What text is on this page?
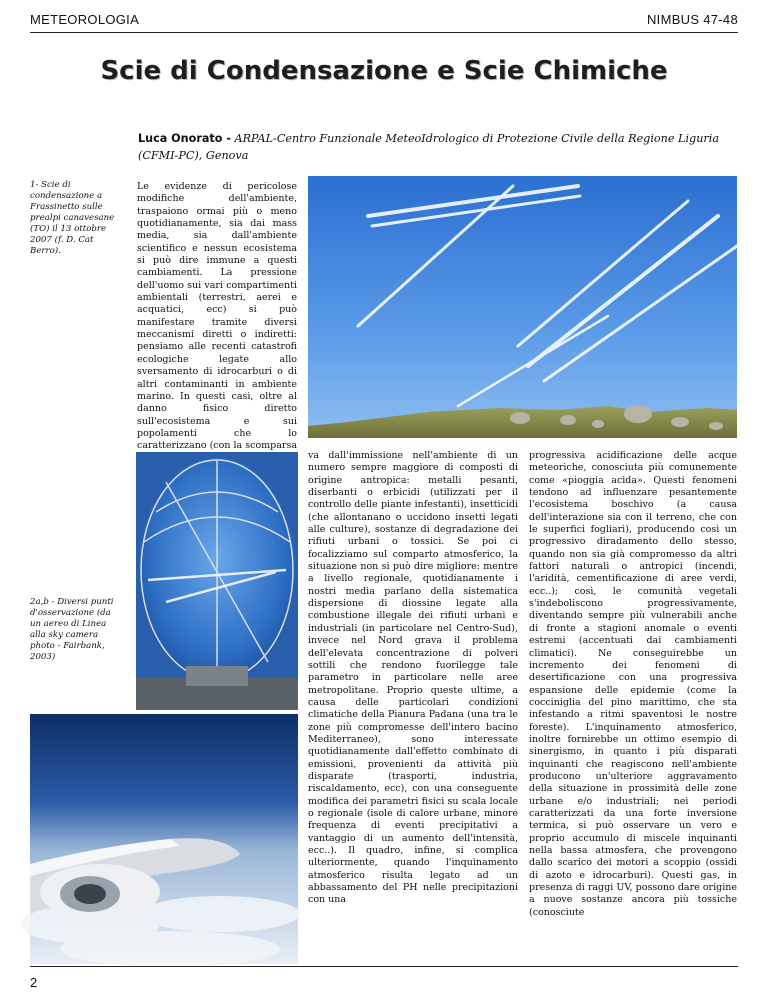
METEOROLOGIA	NIMBUS 47-48
Scie di Condensazione e Scie Chimiche
Luca Onorato - ARPAL-Centro Funzionale MeteoIdrologico di Protezione Civile della Regione Liguria (CFMI-PC), Genova
1- Scie di condensazione a Frassinetto sulle prealpi canavesane (TO) il 13 ottobre 2007 (f. D. Cat Berro).
2a,b - Diversi punti d'osservazione (da un aereo di Linea alla sky camera photo - Fairbank, 2003)
Le evidenze di pericolose modifiche dell'ambiente, traspaiono ormai più o meno quotidianamente, sia dai mass media, sia dall'ambiente scientifico e nessun ecosistema si può dire immune a questi cambiamenti. La pressione dell'uomo sui vari compartimenti ambientali (terrestri, aerei e acquatici, ecc) si può manifestare tramite diversi meccanismi diretti o indiretti: pensiamo alle recenti catastrofi ecologiche legate allo sversamento di idrocarburi o di altri contaminanti in ambiente marino. In questi casi, oltre al danno fisico diretto sull'ecosistema e sui popolamenti che lo caratterizzano (con la scomparsa
va dall'immissione nell'ambiente di un numero sempre maggiore di composti di origine antropica: metalli pesanti, diserbanti o erbicidi (utilizzati per il controllo delle piante infestanti), insetticidi (che allontanano o uccidono insetti legati alle culture), sostanze di degradazione dei rifiuti urbani o tossici. Se poi ci focalizziamo sul comparto atmosferico, la situazione non si può dire migliore: mentre a livello regionale, quotidianamente i nostri media parlano della sistematica dispersione di diossine legate alla combustione illegale dei rifiuti urbani e industriali (in particolare nel Centro-Sud), invece nel Nord grava il problema dell'elevata concentrazione di polveri sottili che rendono fuorilegge tale parametro in particolare nelle aree metropolitane. Proprio queste ultime, a causa delle particolari condizioni climatiche della Pianura Padana (una tra le zone più compromesse dell'intero bacino Mediterraneo), sono interessate quotidianamente dall'effetto combinato di emissioni, provenienti da attività più disparate (trasporti, industria, riscaldamento, ecc), con una conseguente modifica dei parametri fisici su scala locale o regionale (isole di calore urbane, minore frequenza di eventi precipitativi a vantaggio di un aumento dell'intensità, ecc..). Il quadro, infine, si complica ulteriormente, quando l'inquinamento atmosferico risulta legato ad un abbassamento del PH nelle precipitazioni con una
progressiva acidificazione delle acque meteoriche, conosciuta più comunemente come «pioggia acida». Questi fenomeni tendono ad influenzare pesantemente l'ecosistema boschivo (a causa dell'interazione sia con il terreno, che con le superfici fogliari), producendo così un progressivo diradamento dello stesso, quando non sia già compromesso da altri fattori naturali o antropici (incendi, l'aridità, cementificazione di aree verdi, ecc..); così, le comunità vegetali s'indeboliscono progressivamente, diventando sempre più vulnerabili anche di fronte a stagioni anomale o eventi estremi (accentuati dai cambiamenti climatici). Ne conseguirebbe un incremento dei fenomeni di desertificazione con una progressiva espansione delle epidemie (come la cocciniglia del pino marittimo, che sta infestando a ritmi spaventosi le nostre foreste). L'inquinamento atmosferico, inoltre fornirebbe un ottimo esempio di sinergismo, in quanto i più disparati inquinanti che reagiscono nell'ambiente producono un'ulteriore aggravamento della situazione in prossimità delle zone urbane e/o industriali; nei periodi caratterizzati da una forte inversione termica, si può osservare un vero e proprio accumulo di miscele inquinanti nella bassa atmosfera, che provengono dallo scarico dei motori a scoppio (ossidi di azoto e idrocarburi). Questi gas, in presenza di raggi UV, possono dare origine a nuove sostanze ancora più tossiche (conosciute
2
